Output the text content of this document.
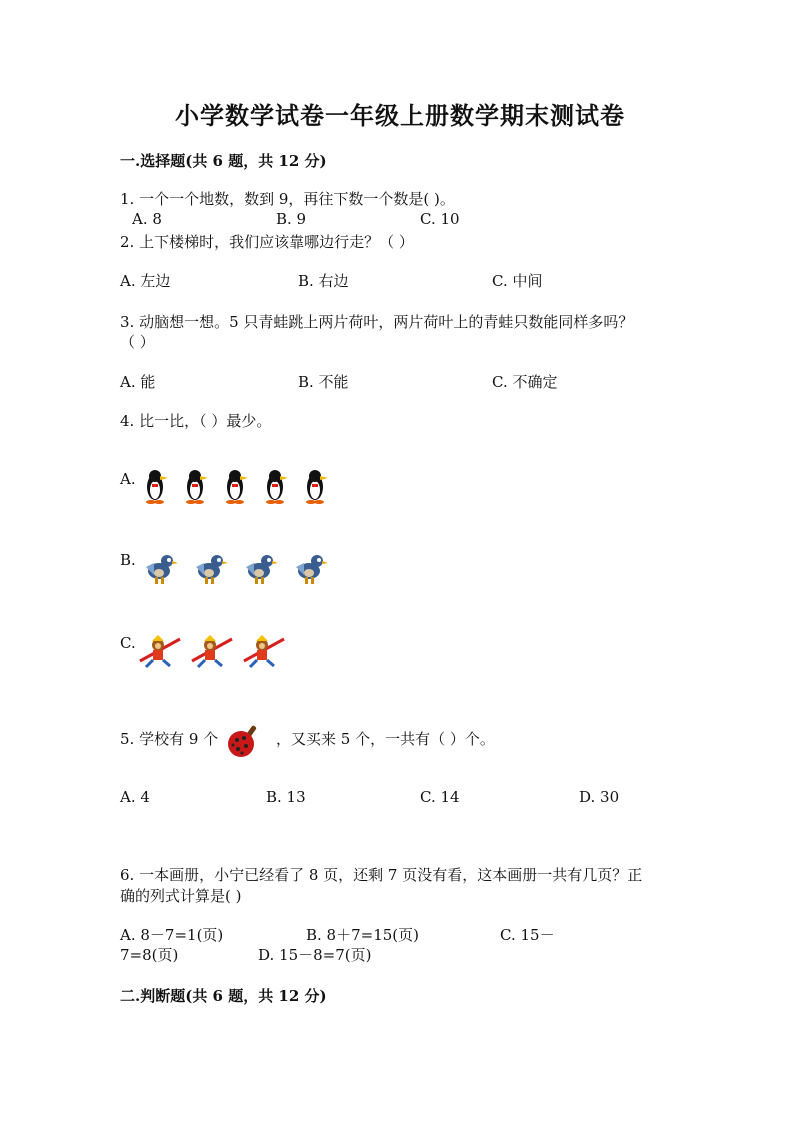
小学数学试卷一年级上册数学期末测试卷
一.选择题(共 6 题，共 12 分)
1. 一个一个地数，数到 9，再往下数一个数是( )。
A. 8	B. 9	C. 10
2. 上下楼梯时，我们应该靠哪边行走？（ ）
A. 左边	B. 右边	C. 中间
3. 动脑想一想。5 只青蛙跳上两片荷叶，两片荷叶上的青蛙只数能同样多吗？
（ ）
A. 能	B. 不能	C. 不确定
4. 比一比，（ ）最少。
A.
B.
C.
5. 学校有 9 个	，又买来 5 个，一共有（ ）个。
A. 4	B. 13	C. 14	D. 30
6. 一本画册，小宁已经看了 8 页，还剩 7 页没有看，这本画册一共有几页？正
确的列式计算是( )
A. 8－7=1(页)	B. 8＋7=15(页)	C. 15－
7=8(页)	D. 15－8=7(页)
二.判断题(共 6 题，共 12 分)
